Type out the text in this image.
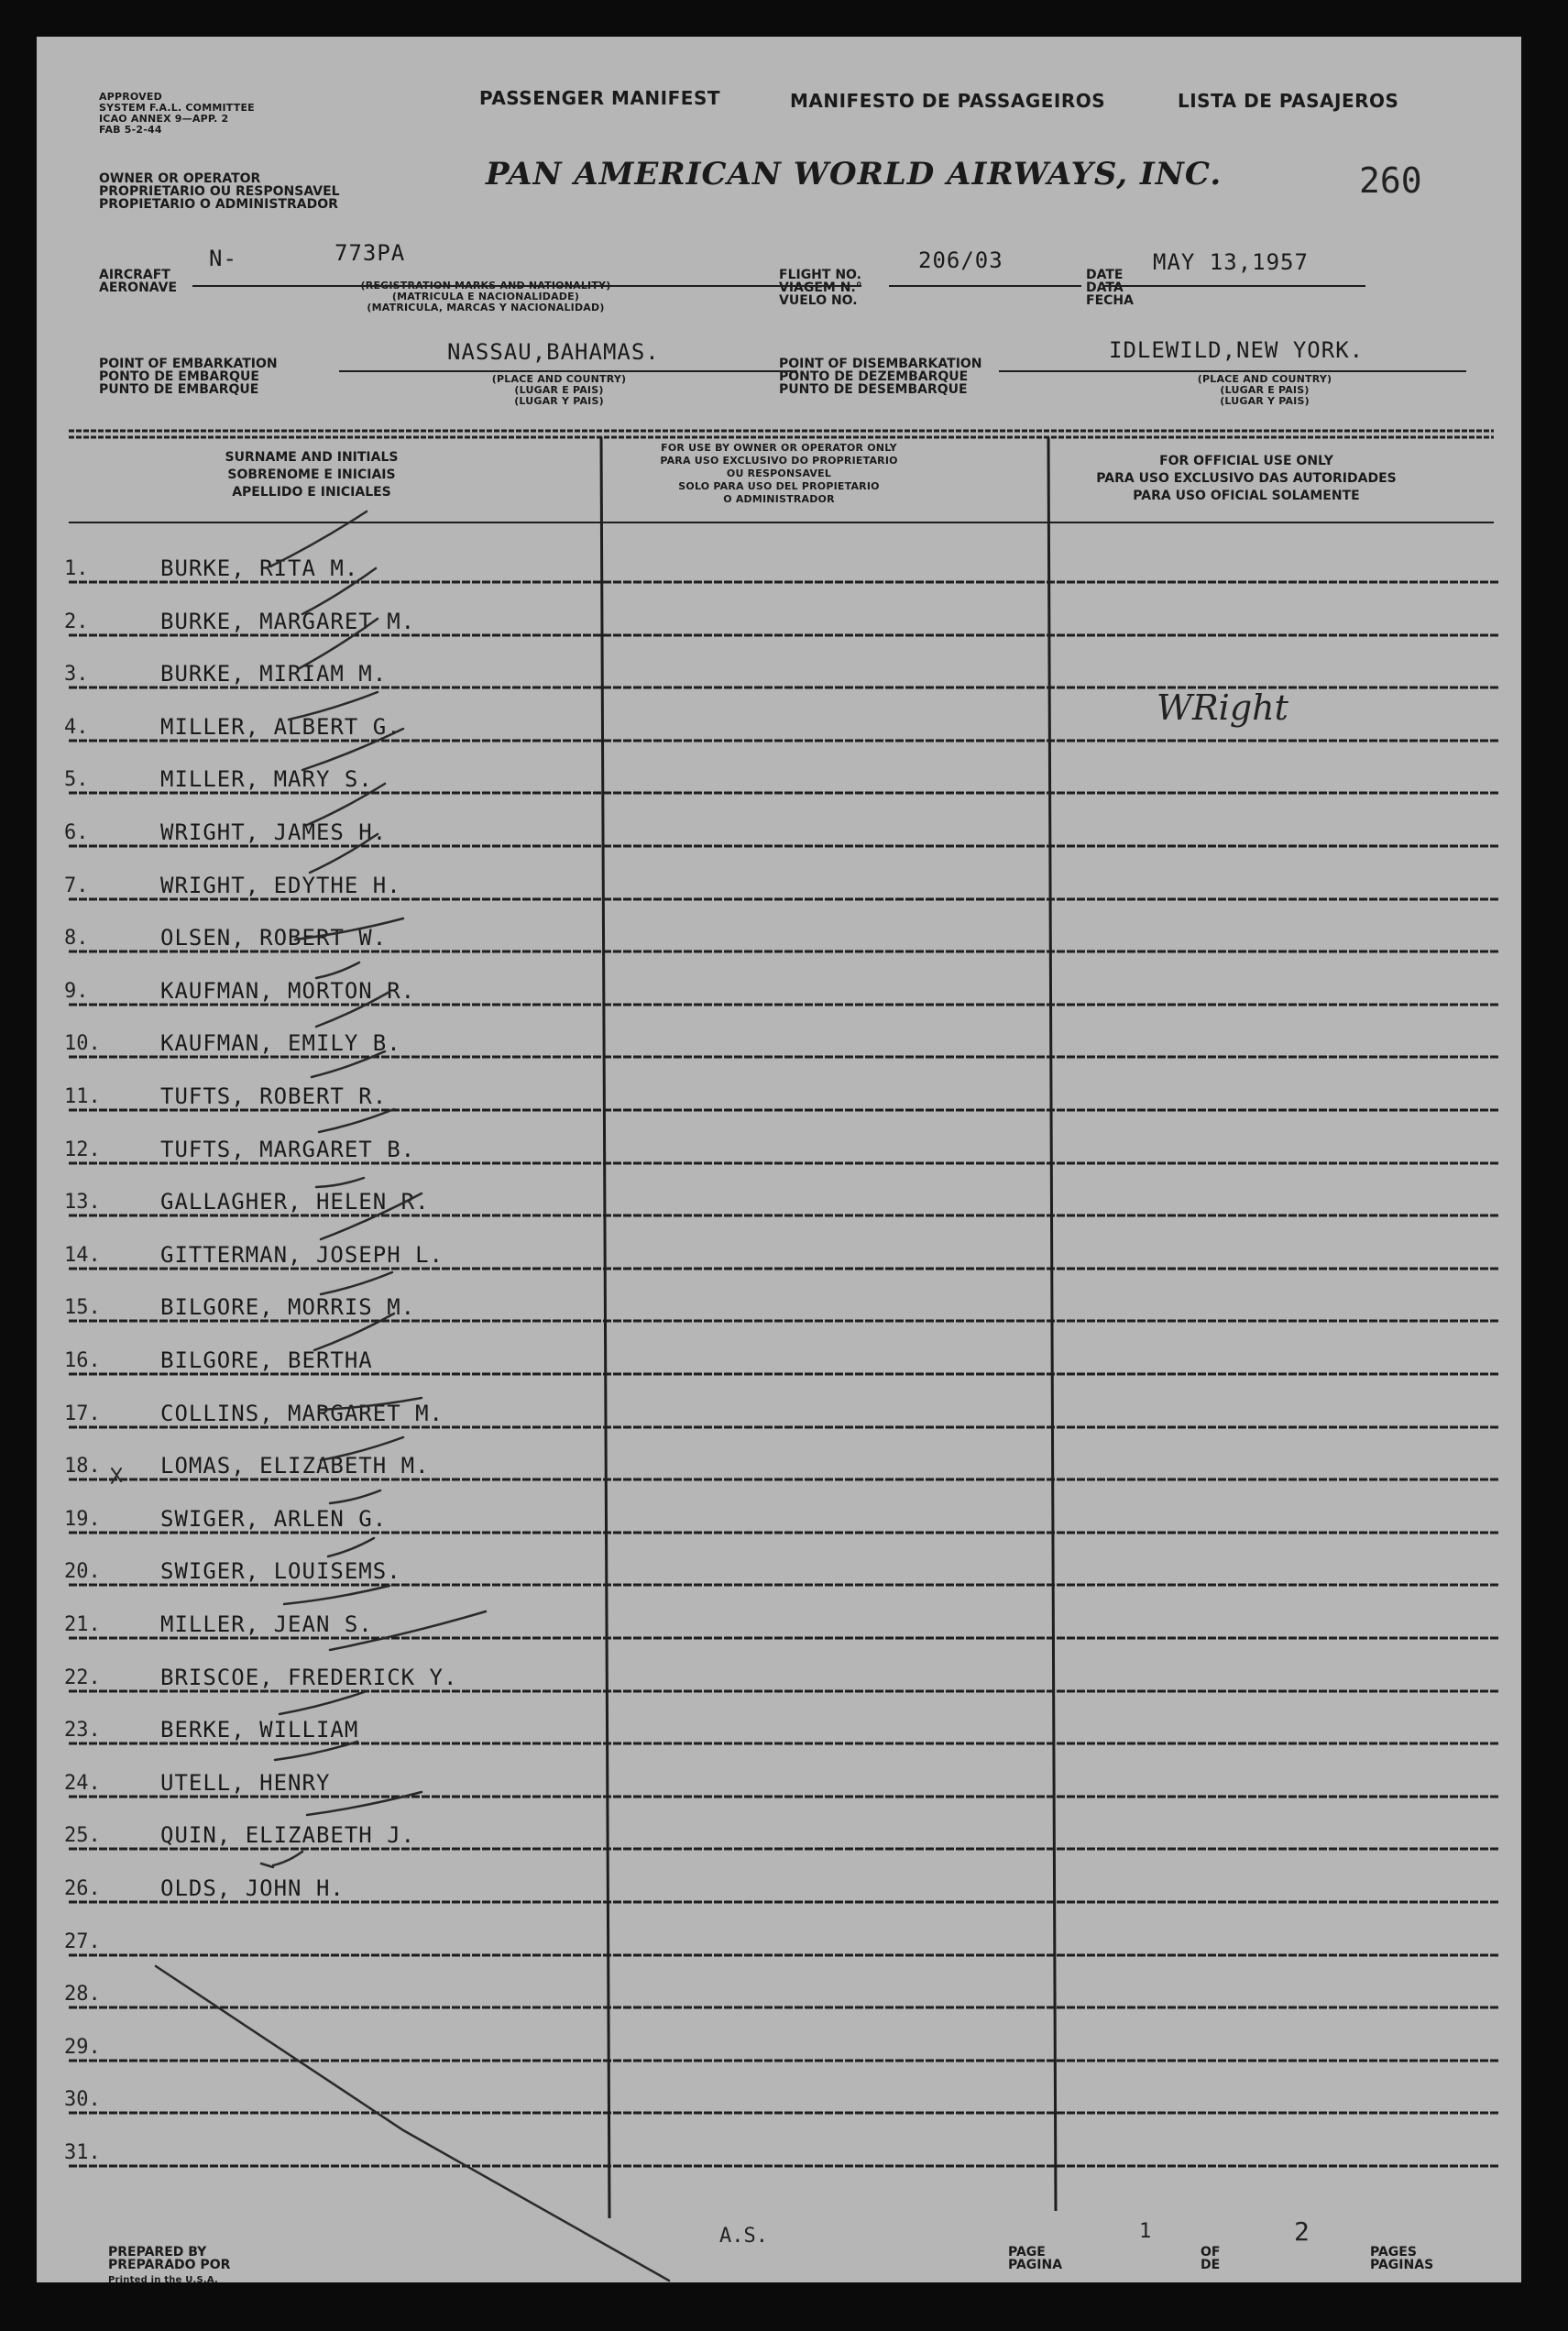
APPROVED
SYSTEM F.A.L. COMMITTEE
ICAO ANNEX 9—APP. 2
FAB 5-2-44
PASSENGER MANIFEST	MANIFESTO DE PASSAGEIROS	LISTA DE PASAJEROS
OWNER OR OPERATOR
PROPRIETARIO OU RESPONSAVEL
PROPIETARIO O ADMINISTRADOR
PAN AMERICAN WORLD AIRWAYS, INC.	260
AIRCRAFT
AERONAVE
N-	773PA
(REGISTRATION MARKS AND NATIONALITY)
(MATRICULA E NACIONALIDADE)
(MATRICULA, MARCAS Y NACIONALIDAD)
FLIGHT NO.
VIAGEM N.°
VUELO NO.
206/03
DATE
DATA
FECHA
MAY 13,1957
POINT OF EMBARKATION
PONTO DE EMBARQUE
PUNTO DE EMBARQUE
NASSAU,BAHAMAS.
(PLACE AND COUNTRY)
(LUGAR E PAIS)
(LUGAR Y PAIS)
POINT OF DISEMBARKATION
PONTO DE DEZEMBARQUE
PUNTO DE DESEMBARQUE
IDLEWILD,NEW YORK.
(PLACE AND COUNTRY)
(LUGAR E PAIS)
(LUGAR Y PAIS)
SURNAME AND INITIALS
SOBRENOME E INICIAIS
APELLIDO E INICIALES
FOR USE BY OWNER OR OPERATOR ONLY
PARA USO EXCLUSIVO DO PROPRIETARIO
OU RESPONSAVEL
SOLO PARA USO DEL PROPIETARIO
O ADMINISTRADOR
FOR OFFICIAL USE ONLY
PARA USO EXCLUSIVO DAS AUTORIDADES
PARA USO OFICIAL SOLAMENTE
1.	BURKE, RITA M.
2.	BURKE, MARGARET M.
3.	BURKE, MIRIAM M.
4.	MILLER, ALBERT G.
5.	MILLER, MARY S.
6.	WRIGHT, JAMES H.
7.	WRIGHT, EDYTHE H.
8.	OLSEN, ROBERT W.
9.	KAUFMAN, MORTON R.
10.	KAUFMAN, EMILY B.
11.	TUFTS, ROBERT R.
12.	TUFTS, MARGARET B.
13.	GALLAGHER, HELEN R.
14.	GITTERMAN, JOSEPH L.
15.	BILGORE, MORRIS M.
16.	BILGORE, BERTHA
17.	COLLINS, MARGARET M.
18.	LOMAS, ELIZABETH M.
19.	SWIGER, ARLEN G.
20.	SWIGER, LOUISEMS.
21.	MILLER, JEAN S.
22.	BRISCOE, FREDERICK Y.
23.	BERKE, WILLIAM
24.	UTELL, HENRY
25.	QUIN, ELIZABETH J.
26.	OLDS, JOHN H.
27.
28.
29.
30.
31.
WRight
PREPARED BY
PREPARADO POR
Printed in the U.S.A.
A.S.
PAGE
PAGINA
1
OF
DE
2
PAGES
PAGINAS
